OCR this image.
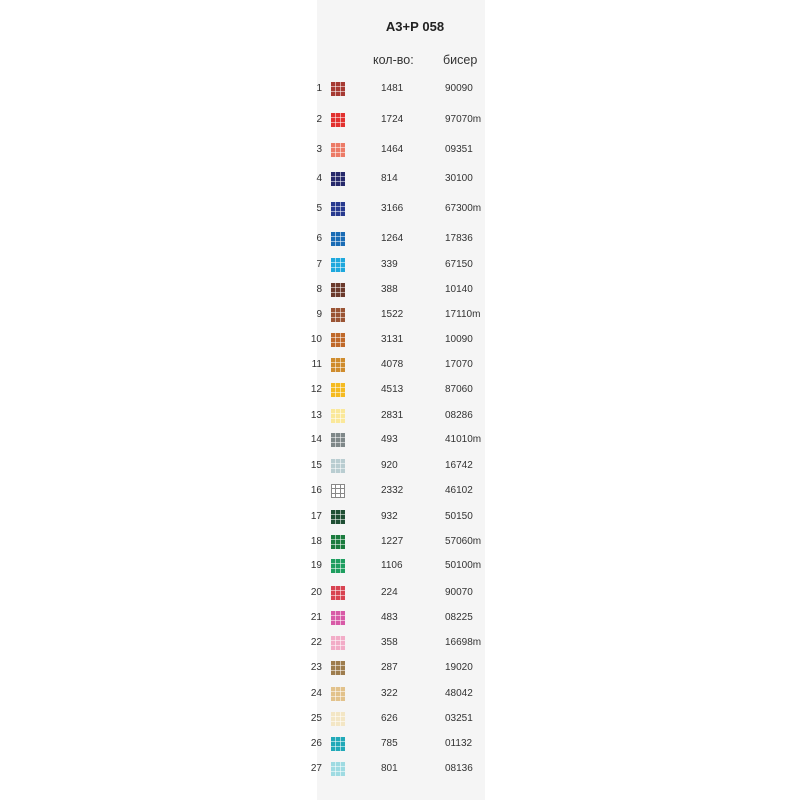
А3+Р 058
кол-во: бисер
1	1481	90090
2	1724	97070m
3	1464	09351
4	814	30100
5	3166	67300m
6	1264	17836
7	339	67150
8	388	10140
9	1522	17110m
10	3131	10090
11	4078	17070
12	4513	87060
13	2831	08286
14	493	41010m
15	920	16742
16	2332	46102
17	932	50150
18	1227	57060m
19	1106	50100m
20	224	90070
21	483	08225
22	358	16698m
23	287	19020
24	322	48042
25	626	03251
26	785	01132
27	801	08136
